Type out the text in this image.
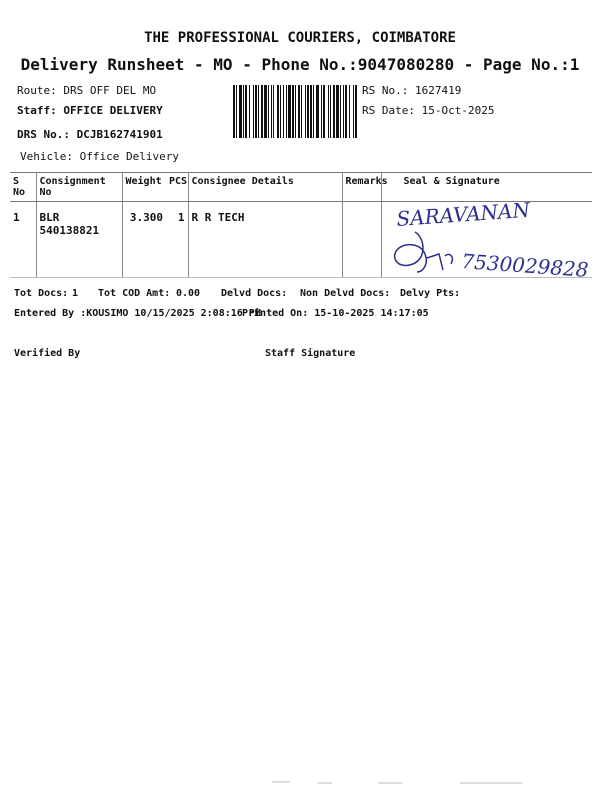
THE PROFESSIONAL COURIERS, COIMBATORE
Delivery Runsheet - MO - Phone No.:9047080280 - Page No.:1
Route: DRS OFF DEL MO
Staff: OFFICE DELIVERY
DRS No.: DCJB162741901
Vehicle: Office Delivery
RS No.: 1627419
RS Date: 15-Oct-2025
S No	Consignment No	Weight	PCS	Consignee Details	Remarks	Seal & Signature
1	BLR 540138821	3.300	1	R R TECH			SARAVANAN
7530029828
Tot Docs: 1 Tot COD Amt: 0.00 Delvd Docs: Non Delvd Docs: Delvy Pts:
Entered By :KOUSIMO 10/15/2025 2:08:16 PM
Printed On: 15-10-2025 14:17:05
Verified By	Staff Signature
